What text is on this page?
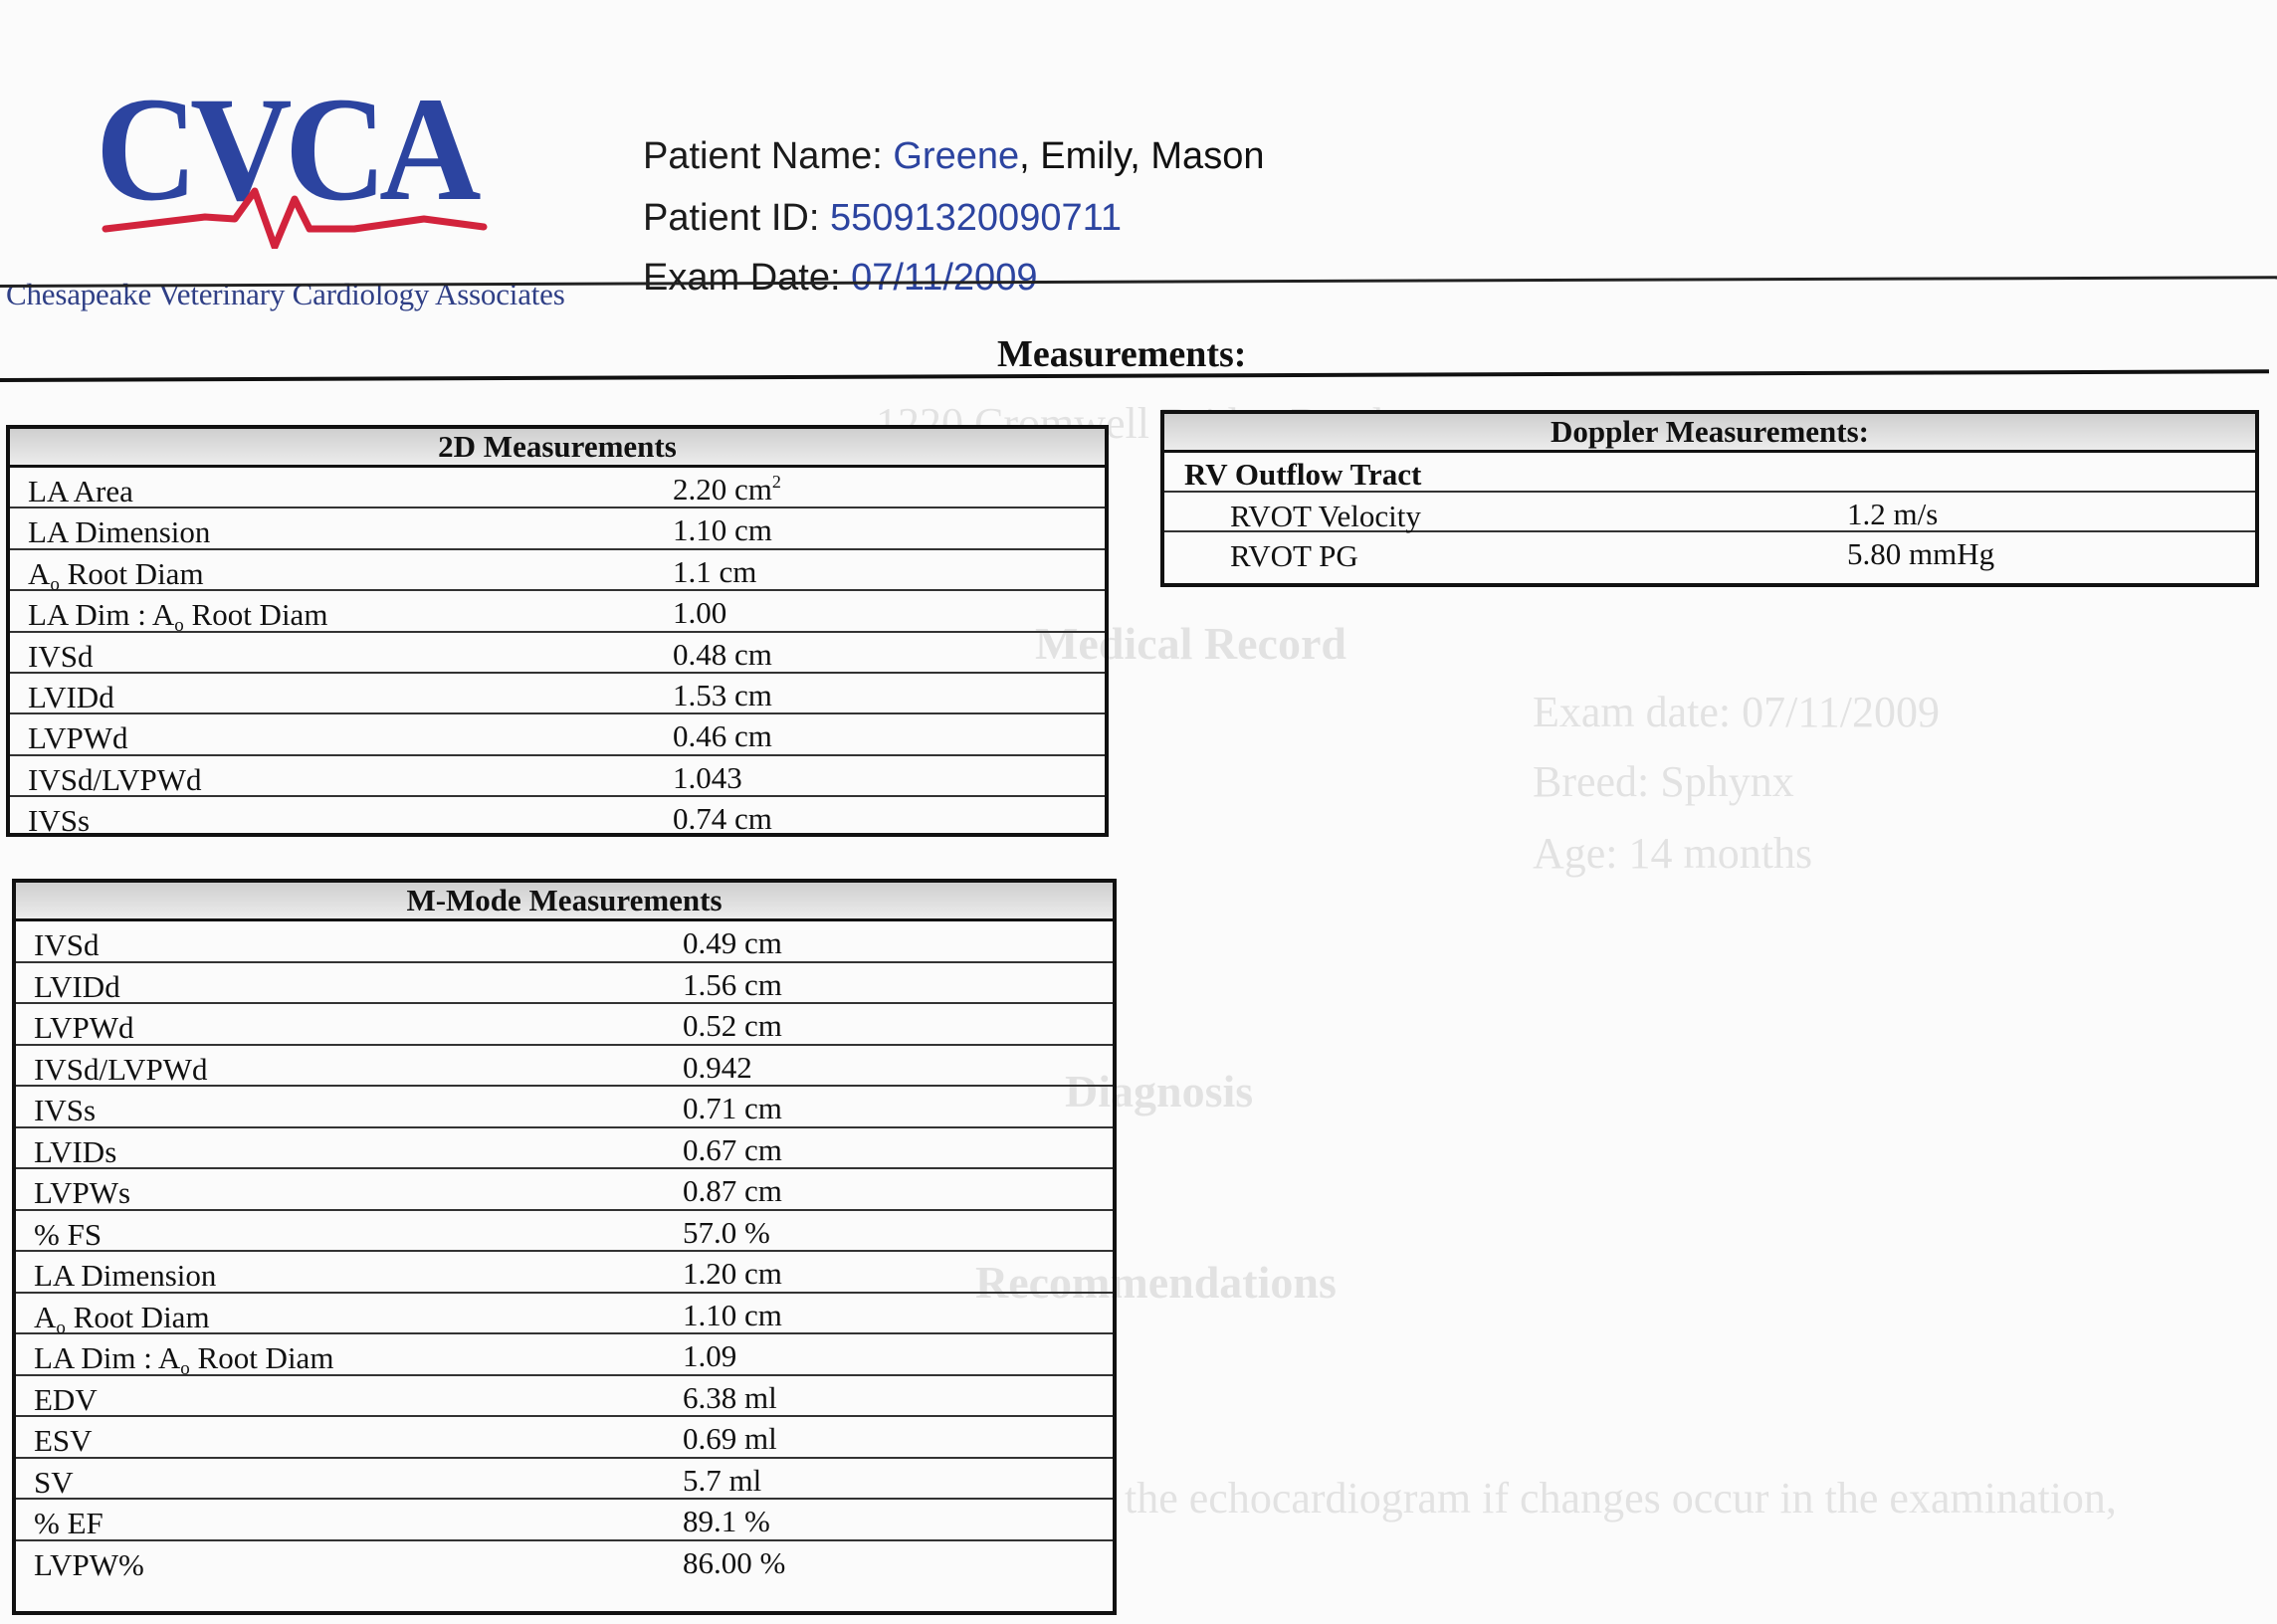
1220 Cromwell Bridge Road
Medical Record
Exam date: 07/11/2009
Breed: Sphynx
Age: 14 months
Diagnosis
Recommendations
the echocardiogram if changes occur in the examination,
CVCA
Chesapeake Veterinary Cardiology Associates
Patient Name: Greene, Emily, Mason
Patient ID: 55091320090711
Exam Date: 07/11/2009
Measurements:
2D Measurements
LA Area	2.20 $cm^2$
LA Dimension	1.10 cm
$A_o$ Root Diam	1.1 cm
LA Dim : $A_o$ Root Diam	1.00
IVSd	0.48 cm
LVIDd	1.53 cm
LVPWd	0.46 cm
IVSd/LVPWd	1.043
IVSs	0.74 cm
M-Mode Measurements
IVSd	0.49 cm
LVIDd	1.56 cm
LVPWd	0.52 cm
IVSd/LVPWd	0.942
IVSs	0.71 cm
LVIDs	0.67 cm
LVPWs	0.87 cm
% FS	57.0 %
LA Dimension	1.20 cm
$A_o$ Root Diam	1.10 cm
LA Dim : $A_o$ Root Diam	1.09
EDV	6.38 ml
ESV	0.69 ml
SV	5.7 ml
% EF	89.1 %
LVPW%	86.00 %
Doppler Measurements:
RV Outflow Tract
RVOT Velocity	1.2 m/s
RVOT PG	5.80 mmHg
